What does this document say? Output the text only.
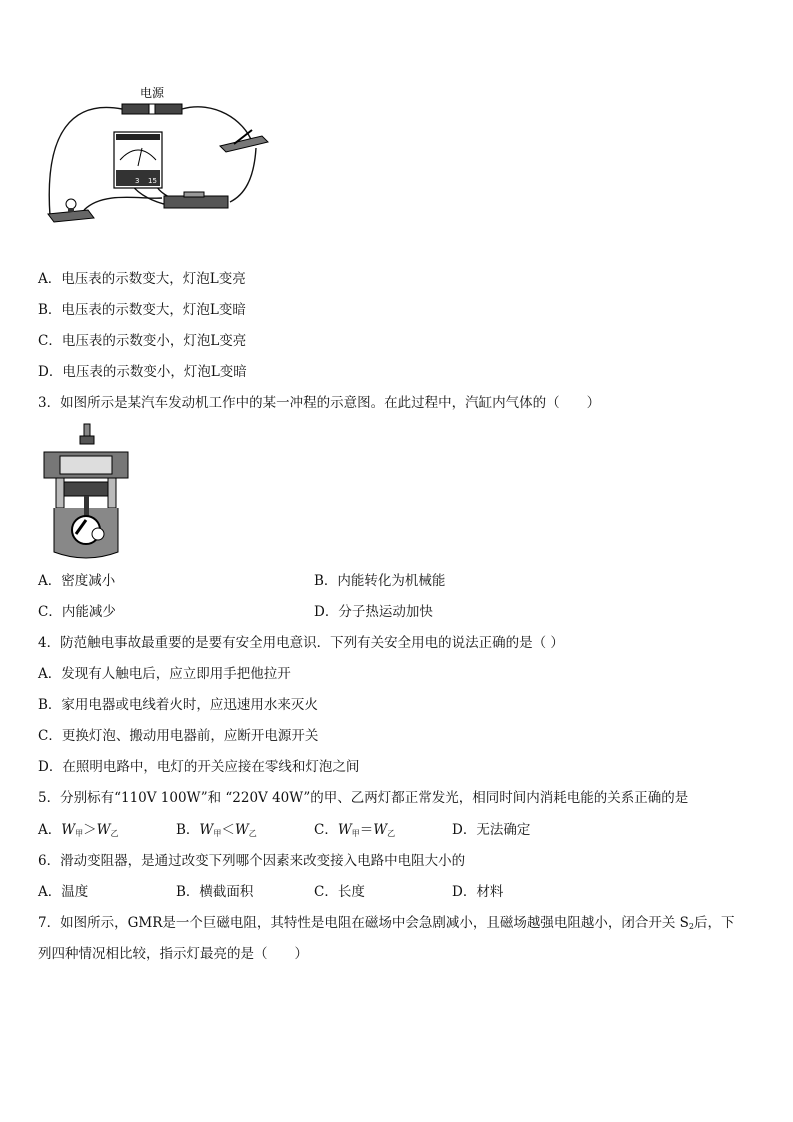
电源
3 15
A．电压表的示数变大，灯泡L变亮
B．电压表的示数变大，灯泡L变暗
C．电压表的示数变小，灯泡L变亮
D．电压表的示数变小，灯泡L变暗
3．如图所示是某汽车发动机工作中的某一冲程的示意图。在此过程中，汽缸内气体的（　　）
A．密度减小	B．内能转化为机械能
C．内能减少	D．分子热运动加快
4．防范触电事故最重要的是要有安全用电意识．下列有关安全用电的说法正确的是（ ）
A．发现有人触电后，应立即用手把他拉开
B．家用电器或电线着火时，应迅速用水来灭火
C．更换灯泡、搬动用电器前，应断开电源开关
D．在照明电路中，电灯的开关应接在零线和灯泡之间
5．分别标有“110V 100W”和 “220V 40W”的甲、乙两灯都正常发光，相同时间内消耗电能的关系正确的是
A．$W_甲>W_乙$	B．$W_甲<W_乙$	C．$W_甲=W_乙$	D．无法确定
6．滑动变阻器，是通过改变下列哪个因素来改变接入电路中电阻大小的
A．温度	B．横截面积	C．长度	D．材料
7．如图所示，GMR是一个巨磁电阻，其特性是电阻在磁场中会急剧减小，且磁场越强电阻越小，闭合开关 $S_2$后，下
列四种情况相比较，指示灯最亮的是（　　）
